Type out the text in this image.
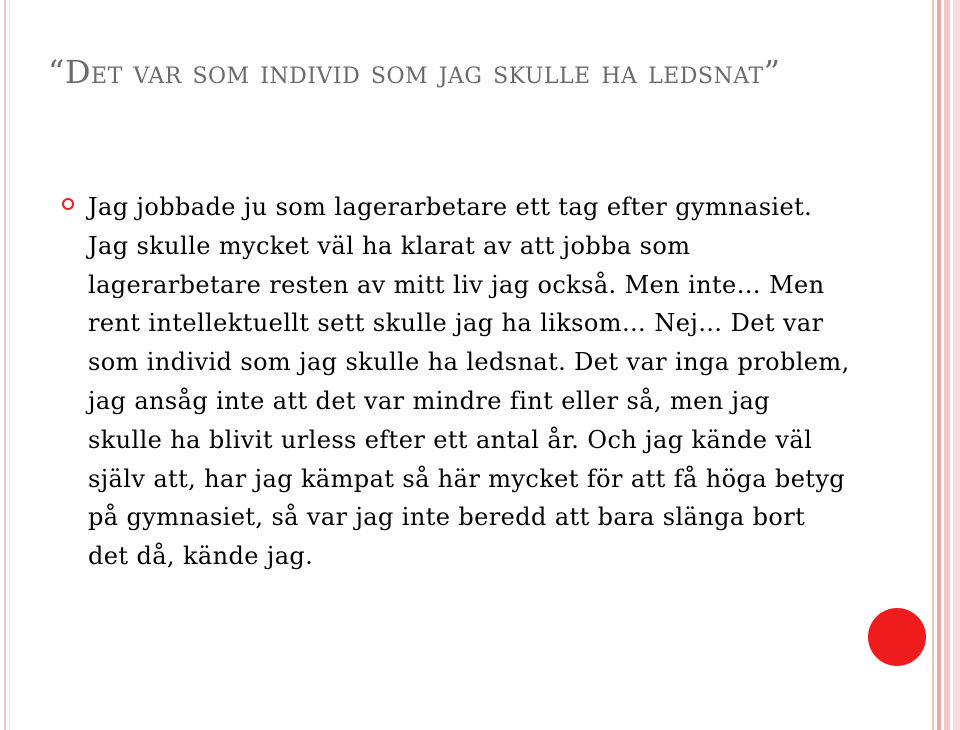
“Det var som individ som jag skulle ha ledsnat”

Jag jobbade ju som lagerarbetare ett tag efter gymnasiet. Jag skulle mycket väl ha klarat av att jobba som lagerarbetare resten av mitt liv jag också. Men inte… Men rent intellektuellt sett skulle jag ha liksom… Nej… Det var som individ som jag skulle ha ledsnat. Det var inga problem, jag ansåg inte att det var mindre fint eller så, men jag skulle ha blivit urless efter ett antal år. Och jag kände väl själv att, har jag kämpat så här mycket för att få höga betyg på gymnasiet, så var jag inte beredd att bara slänga bort det då, kände jag.
